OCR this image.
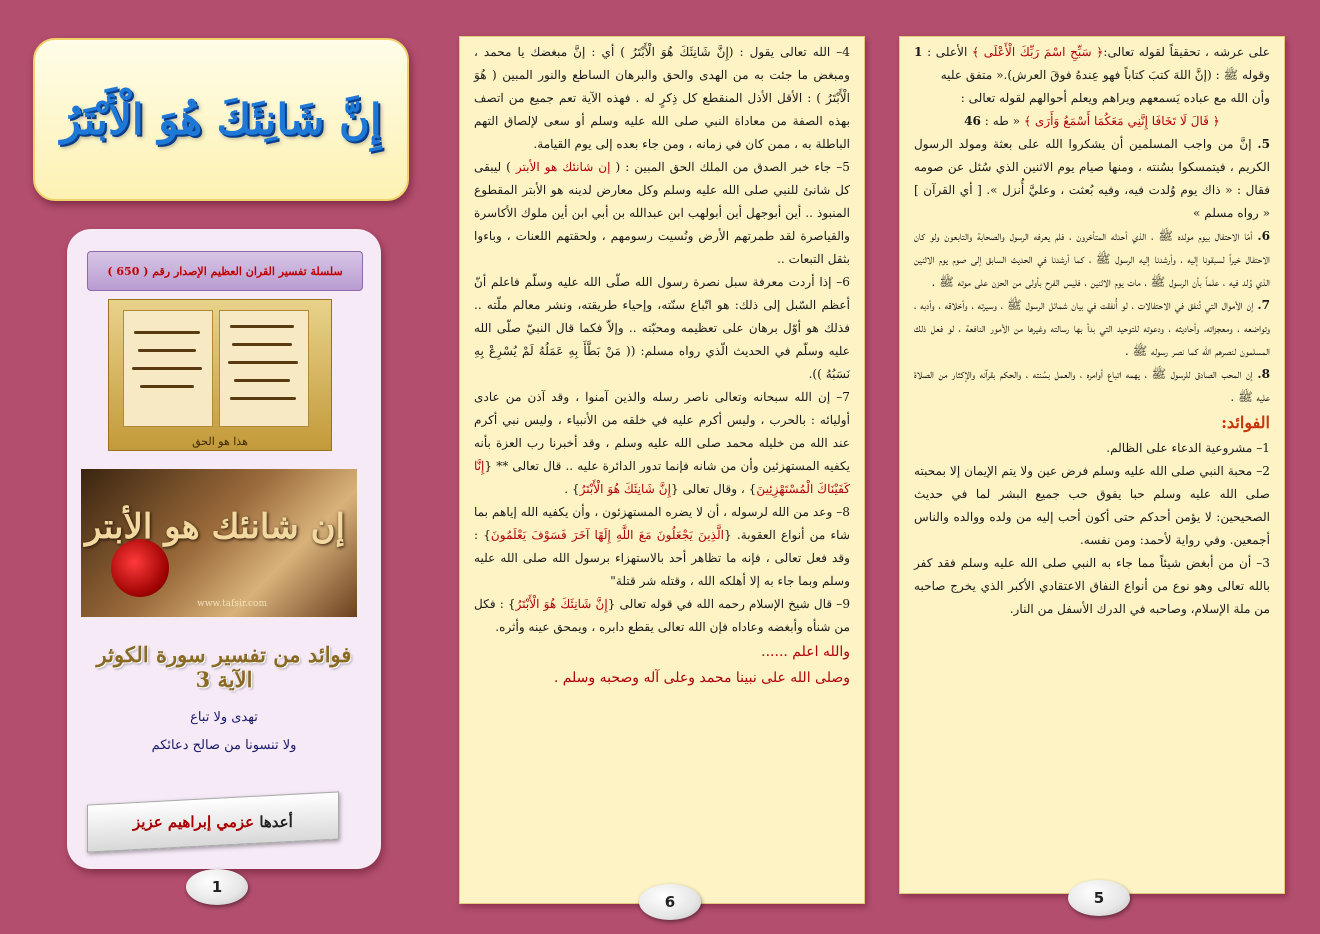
إِنَّ شَانِئَكَ هُوَ الْأَبْتَرُ
سلسلة تفسير القران العظيم الإصدار رقم ( 650 )
هذا هو الحق
إن شانئك هو الأبتر
www.tafsir.com
فوائد من تفسير سورة الكوثر الآية 3
تهدى ولا تباع
ولا تنسونا من صالح دعائكم
أعدها عزمي إبراهيم عزيز
1

4– الله تعالى يقول : (إِنَّ شَانِئَكَ هُوَ الْأَبْتَرُ ) أي : إنَّ مبغضك يا محمد ، ومبغض ما جئت به من الهدى والحق والبرهان الساطع والنور المبين ( هُوَ الْأَبْتَرُ ) : الأقل الأذل المنقطع كل ذِكرٍ له . فهذه الآية تعم جميع من اتصف بهذه الصفة من معاداة النبي صلى الله عليه وسلم أو سعى لإلصاق التهم الباطلة به ، ممن كان في زمانه ، ومن جاء بعده إلى يوم القيامة.

5– جاء خبر الصدق من الملك الحق المبين : ( إن شانئك هو الأبتر ) ليبقى كل شانئ للنبي صلى الله عليه وسلم وكل معارض لدينه هو الأبتر المقطوع المنبوذ .. أين أبوجهل أين أبولهب ابن عبدالله بن أبي ابن أين ملوك الأكاسرة والقياصرة لقد طمرتهم الأرض ونُسيت رسومهم ، ولحقتهم اللعنات ، وباءوا بثقل التبعات ..

6– إذا أردت معرفة سبل نصرة رسول الله صلّى الله عليه وسلّم فاعلم أنّ أعظم السّبل إلى ذلك: هو اتّباع سنّته، وإحياء طريقته، ونشر معالم ملّته .. فذلك هو أوّل برهان على تعظيمه ومحبّته .. وإلاّ فكما قال النبيّ صلّى الله عليه وسلّم في الحديث الّذي رواه مسلم: (( مَنْ بَطَّأَ بِهِ عَمَلُهُ لَمْ يُسْرِعْ بِهِ نَسَبُهُ )).

7– إن الله سبحانه وتعالى ناصر رسله والذين آمنوا ، وقد آذن من عادى أوليائه : بالحرب ، وليس أكرم عليه في خلقه من الأنبياء ، وليس نبي أكرم عند الله من خليله محمد صلى الله عليه وسلم ، وقد أخبرنا رب العزة بأنه يكفيه المستهزئين وأن من شانه فإنما تدور الدائرة عليه .. قال تعالى ** {إِنَّا كَفَيْنَاكَ الْمُسْتَهْزِئِينَ} ، وقال تعالى {إِنَّ شَانِئَكَ هُوَ الْأَبْتَرُ} .

8– وعد من الله لرسوله ، أن لا يضره المستهزئون ، وأن يكفيه الله إياهم بما شاء من أنواع العقوبة. {الَّذِينَ يَجْعَلُونَ مَعَ اللَّهِ إِلَهًا آخَرَ فَسَوْفَ يَعْلَمُونَ} : وقد فعل تعالى ، فإنه ما تظاهر أحد بالاستهزاء برسول الله صلى الله عليه وسلم وبما جاء به إلا أهلكه الله ، وقتله شر قتلة"

9– قال شيخ الإسلام رحمه الله في قوله تعالى {إِنَّ شَانِئَكَ هُوَ الْأَبْتَرُ} : فكل من شنأه وأبغضه وعاداه فإن الله تعالى يقطع دابره ، ويمحق عينه وأثره.

والله اعلم ......

وصلى الله على نبينا محمد وعلى آله وصحبه وسلم .

6

على عرشه ، تحقيقاً لقوله تعالى:﴿ سَبِّحِ اسْمَ رَبِّكَ الْأَعْلَى ﴾ الأعلى : 1 وقوله ﷺ : (إنَّ اللهَ كتبَ كتاباً فهو عِندهُ فوقَ العرش).« متفق عليه

وأن الله مع عباده يَسمعهم ويراهم ويعلم أحوالهم لقوله تعالى :

﴿ قَالَ لَا تَخَافَا إِنَّنِي مَعَكُمَا أَسْمَعُ وَأَرَى ﴾ « طه : 46

5. إنَّ من واجب المسلمين أن يشكروا الله على بعثة ومولد الرسول الكريم ، فيتمسكوا بسُنته ، ومنها صيام يوم الاثنين الذي سُئل عن صومه فقال : « ذاك يوم وُلدت فيه، وفيه بُعثت ، وعليَّ أُنزل ». [ أي القرآن ] « رواه مسلم »

6. أمّا الاحتفال بيوم مولده ﷺ ، الذي أحدثه المتأخرون ، فلم يعرفه الرسول والصحابة والتابعون ولو كان الاحتفال خيراً لسبقونا إليه ، وأرشدنا إليه الرسول ﷺ ، كما أرشدنا في الحديث السابق إلى صوم يوم الاثنين الذي وُلد فيه ، علماً بأن الرسول ﷺ ، مات يوم الاثنين ، فليس الفرح بأولى من الحزن على موته ﷺ .

7. إن الأموال التي تُنفق في الاحتفالات ، لو أُنفقت في بيان شمائل الرسول ﷺ ، وسيرته ، وأخلاقه ، وأدبه ، وتواضعه ، ومعجزاته، وأحاديثه ، ودعوته للتوحيد التي بدأ بها رسالته وغيرها من الأمور النافعة ، لو فعل ذلك المسلمون لنصرهم الله كما نصر رسوله ﷺ .

8. إن المحب الصادق للرسول ﷺ ، يهمه اتباع أوامره ، والعمل بسُنته ، والحكم بقرآنه والإكثار من الصلاة عليه ﷺ .

الفوائد:

1– مشروعية الدعاء على الظالم.

2– محبة النبي صلى الله عليه وسلم فرض عين ولا يتم الإيمان إلا بمحبته صلى الله عليه وسلم حبا يفوق حب جميع البشر لما في حديث الصحيحين: لا يؤمن أحدكم حتى أكون أحب إليه من ولده ووالده والناس أجمعين. وفي رواية لأحمد: ومن نفسه.

3– أن من أبغض شيئاً مما جاء به النبي صلى الله عليه وسلم فقد كفر بالله تعالى وهو نوع من أنواع النفاق الاعتقادي الأكبر الذي يخرج صاحبه من ملة الإسلام، وصاحبه في الدرك الأسفل من النار.

5
